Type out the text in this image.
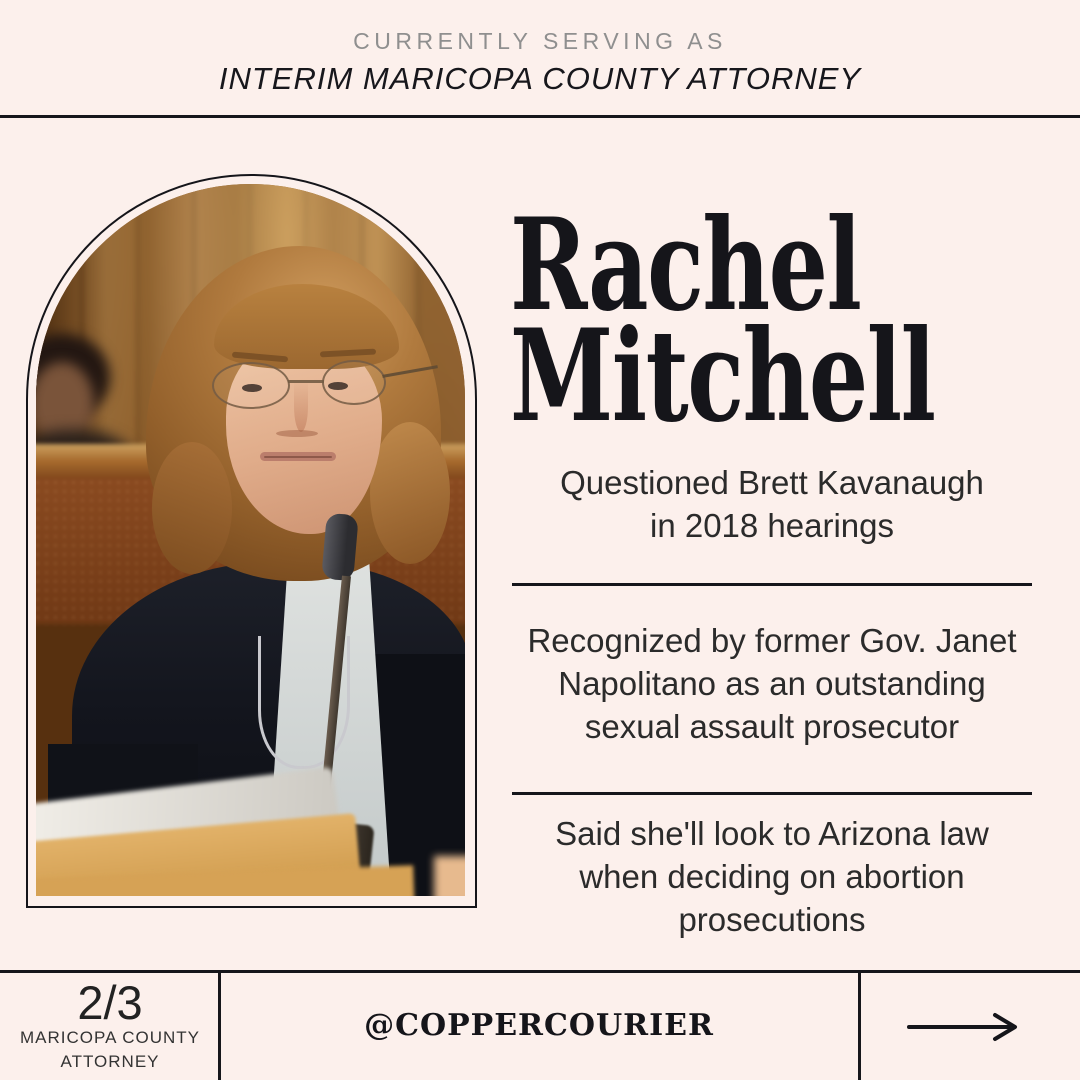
CURRENTLY SERVING AS
INTERIM MARICOPA COUNTY ATTORNEY
Rachel
Mitchell
Questioned Brett Kavanaugh
in 2018 hearings
Recognized by former Gov. Janet
Napolitano as an outstanding
sexual assault prosecutor
Said she'll look to Arizona law
when deciding on abortion
prosecutions
2/3
MARICOPA COUNTY
ATTORNEY
@COPPERCOURIER
